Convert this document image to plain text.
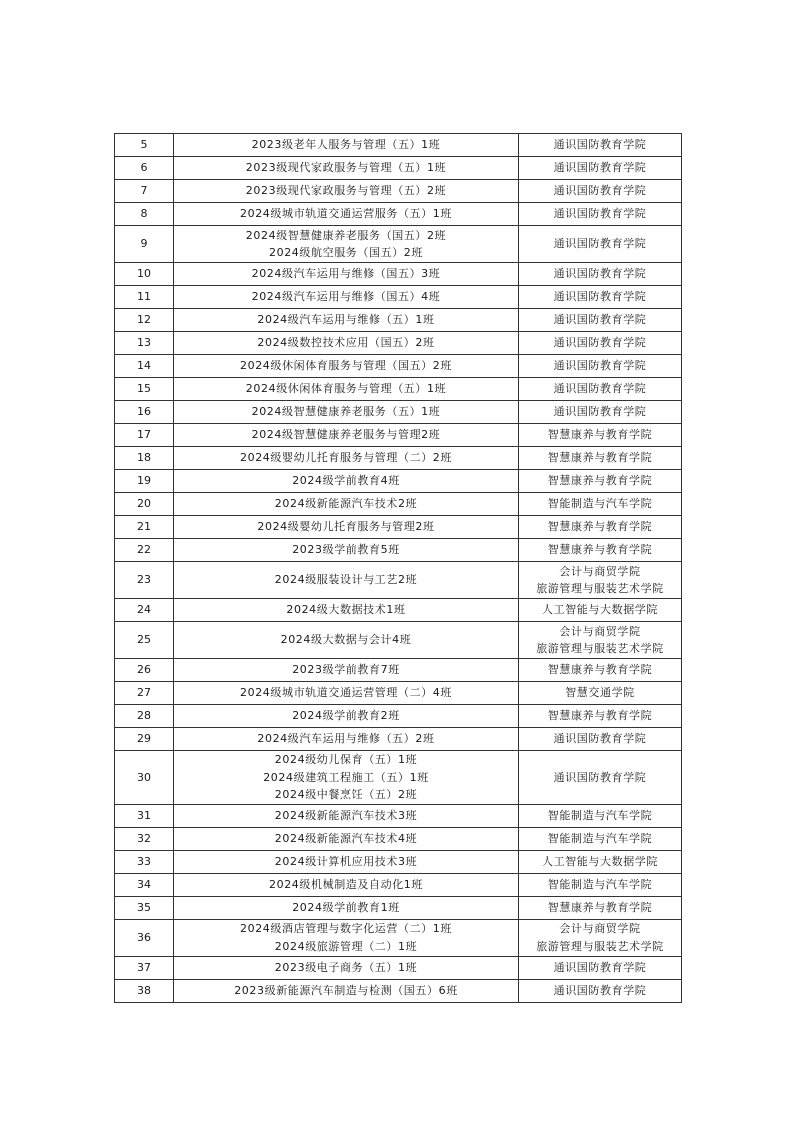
5	2023级老年人服务与管理（五）1班	通识国防教育学院

6	2023级现代家政服务与管理（五）1班	通识国防教育学院

7	2023级现代家政服务与管理（五）2班	通识国防教育学院

8	2024级城市轨道交通运营服务（五）1班	通识国防教育学院

9	2024级智慧健康养老服务（国五）2班
2024级航空服务（国五）2班	通识国防教育学院

10	2024级汽车运用与维修（国五）3班	通识国防教育学院

11	2024级汽车运用与维修（国五）4班	通识国防教育学院

12	2024级汽车运用与维修（五）1班	通识国防教育学院

13	2024级数控技术应用（国五）2班	通识国防教育学院

14	2024级休闲体育服务与管理（国五）2班	通识国防教育学院

15	2024级休闲体育服务与管理（五）1班	通识国防教育学院

16	2024级智慧健康养老服务（五）1班	通识国防教育学院

17	2024级智慧健康养老服务与管理2班	智慧康养与教育学院

18	2024级婴幼儿托育服务与管理（二）2班	智慧康养与教育学院

19	2024级学前教育4班	智慧康养与教育学院

20	2024级新能源汽车技术2班	智能制造与汽车学院

21	2024级婴幼儿托育服务与管理2班	智慧康养与教育学院

22	2023级学前教育5班	智慧康养与教育学院

23	2024级服装设计与工艺2班	会计与商贸学院
旅游管理与服装艺术学院

24	2024级大数据技术1班	人工智能与大数据学院

25	2024级大数据与会计4班	会计与商贸学院
旅游管理与服装艺术学院

26	2023级学前教育7班	智慧康养与教育学院

27	2024级城市轨道交通运营管理（二）4班	智慧交通学院

28	2024级学前教育2班	智慧康养与教育学院

29	2024级汽车运用与维修（五）2班	通识国防教育学院

30	2024级幼儿保育（五）1班
2024级建筑工程施工（五）1班
2024级中餐烹饪（五）2班	通识国防教育学院

31	2024级新能源汽车技术3班	智能制造与汽车学院

32	2024级新能源汽车技术4班	智能制造与汽车学院

33	2024级计算机应用技术3班	人工智能与大数据学院

34	2024级机械制造及自动化1班	智能制造与汽车学院

35	2024级学前教育1班	智慧康养与教育学院

36	2024级酒店管理与数字化运营（二）1班
2024级旅游管理（二）1班	会计与商贸学院
旅游管理与服装艺术学院

37	2023级电子商务（五）1班	通识国防教育学院

38	2023级新能源汽车制造与检测（国五）6班	通识国防教育学院
